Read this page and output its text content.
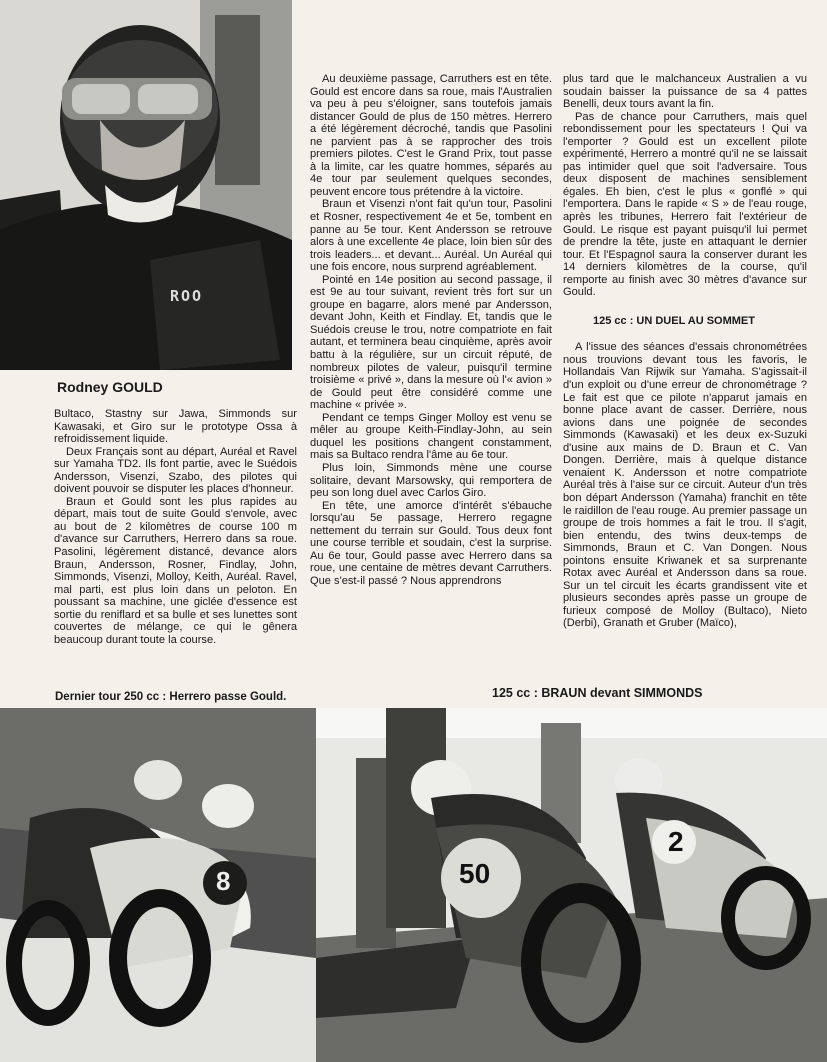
ROO
8	50
2
Rodney GOULD
Dernier tour 250 cc : Herrero passe Gould.	125 cc : BRAUN devant SIMMONDS

Bultaco, Stastny sur Jawa, Simmonds sur Kawasaki, et Giro sur le prototype Ossa à refroidissement liquide.

Deux Français sont au départ, Auréal et Ravel sur Yamaha TD2. Ils font partie, avec le Suédois Andersson, Visenzi, Szabo, des pilotes qui doivent pouvoir se disputer les places d'honneur.

Braun et Gould sont les plus rapides au départ, mais tout de suite Gould s'envole, avec au bout de 2 kilomètres de course 100 m d'avance sur Carruthers, Herrero dans sa roue. Pasolini, légèrement distancé, devance alors Braun, Andersson, Rosner, Findlay, John, Simmonds, Visenzi, Molloy, Keith, Auréal. Ravel, mal parti, est plus loin dans un peloton. En poussant sa machine, une giclée d'essence est sortie du reniflard et sa bulle et ses lunettes sont couvertes de mélange, ce qui le gênera beaucoup durant toute la course.

Au deuxième passage, Carruthers est en tête. Gould est encore dans sa roue, mais l'Australien va peu à peu s'éloigner, sans toutefois jamais distancer Gould de plus de 150 mètres. Herrero a été légèrement décroché, tandis que Pasolini ne parvient pas à se rapprocher des trois premiers pilotes. C'est le Grand Prix, tout passe à la limite, car les quatre hommes, séparés au 4e tour par seulement quelques secondes, peuvent encore tous prétendre à la victoire.

Braun et Visenzi n'ont fait qu'un tour, Pasolini et Rosner, respectivement 4e et 5e, tombent en panne au 5e tour. Kent Andersson se retrouve alors à une excellente 4e place, loin bien sûr des trois leaders... et devant... Auréal. Un Auréal qui une fois encore, nous surprend agréablement.

Pointé en 14e position au second passage, il est 9e au tour suivant, revient très fort sur un groupe en bagarre, alors mené par Andersson, devant John, Keith et Findlay. Et, tandis que le Suédois creuse le trou, notre compatriote en fait autant, et terminera beau cinquième, après avoir battu à la régulière, sur un circuit réputé, de nombreux pilotes de valeur, puisqu'il termine troisième « privé », dans la mesure où l'« avion » de Gould peut être considéré comme une machine « privée ».

Pendant ce temps Ginger Molloy est venu se mêler au groupe Keith-Findlay-John, au sein duquel les positions changent constamment, mais sa Bultaco rendra l'âme au 6e tour.

Plus loin, Simmonds mène une course solitaire, devant Marsowsky, qui remportera de peu son long duel avec Carlos Giro.

En tête, une amorce d'intérêt s'ébauche lorsqu'au 5e passage, Herrero regagne nettement du terrain sur Gould. Tous deux font une course terrible et soudain, c'est la surprise. Au 6e tour, Gould passe avec Herrero dans sa roue, une centaine de mètres devant Carruthers. Que s'est-il passé ? Nous apprendrons

plus tard que le malchanceux Australien a vu soudain baisser la puissance de sa 4 pattes Benelli, deux tours avant la fin.

Pas de chance pour Carruthers, mais quel rebondissement pour les spectateurs ! Qui va l'emporter ? Gould est un excellent pilote expérimenté, Herrero a montré qu'il ne se laissait pas intimider quel que soit l'adversaire. Tous deux disposent de machines sensiblement égales. Eh bien, c'est le plus « gonflé » qui l'emportera. Dans le rapide « S » de l'eau rouge, après les tribunes, Herrero fait l'extérieur de Gould. Le risque est payant puisqu'il lui permet de prendre la tête, juste en attaquant le dernier tour. Et l'Espagnol saura la conserver durant les 14 derniers kilomètres de la course, qu'il remporte au finish avec 30 mètres d'avance sur Gould.

125 cc : UN DUEL AU SOMMET

A l'issue des séances d'essais chronométrées nous trouvions devant tous les favoris, le Hollandais Van Rijwik sur Yamaha. S'agissait-il d'un exploit ou d'une erreur de chronométrage ? Le fait est que ce pilote n'apparut jamais en bonne place avant de casser. Derrière, nous avions dans une poignée de secondes Simmonds (Kawasaki) et les deux ex-Suzuki d'usine aux mains de D. Braun et C. Van Dongen. Derrière, mais à quelque distance venaient K. Andersson et notre compatriote Auréal très à l'aise sur ce circuit. Auteur d'un très bon départ Andersson (Yamaha) franchit en tête le raidillon de l'eau rouge. Au premier passage un groupe de trois hommes a fait le trou. Il s'agit, bien entendu, des twins deux-temps de Simmonds, Braun et C. Van Dongen. Nous pointons ensuite Kriwanek et sa surprenante Rotax avec Auréal et Andersson dans sa roue. Sur un tel circuit les écarts grandissent vite et plusieurs secondes après passe un groupe de furieux composé de Molloy (Bultaco), Nieto (Derbi), Granath et Gruber (Maïco),
